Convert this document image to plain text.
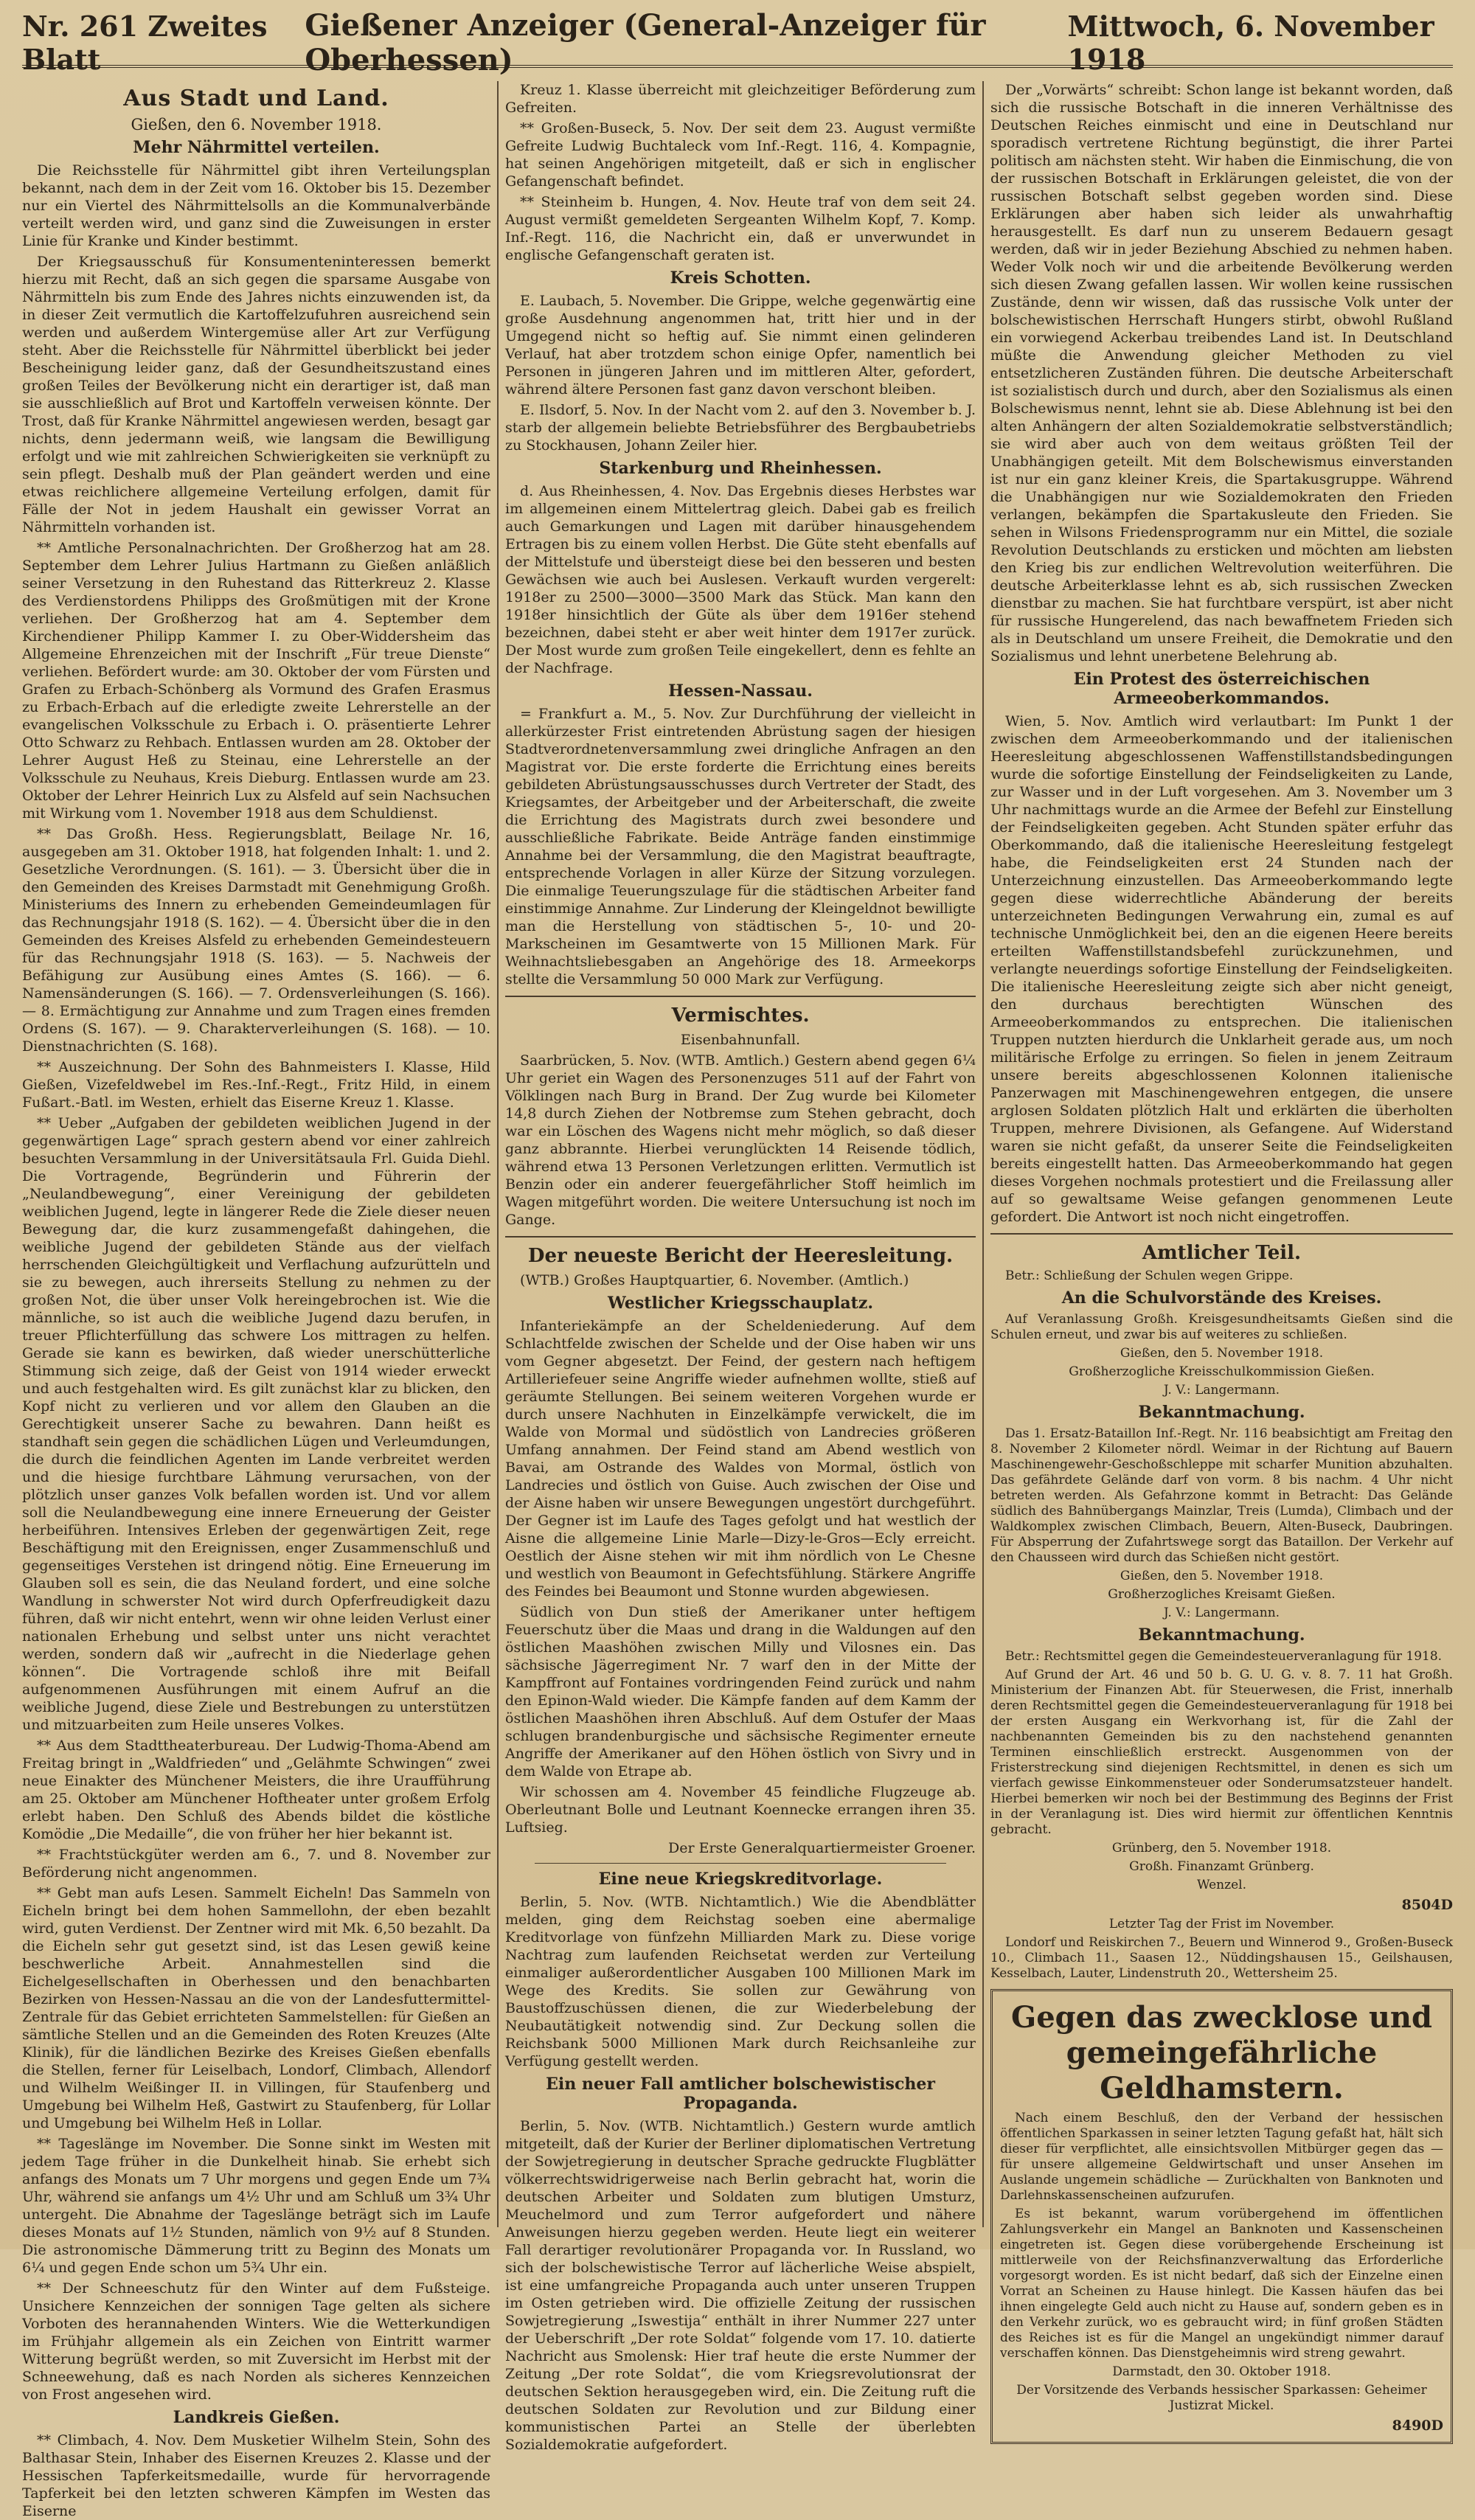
Nr. 261 Zweites Blatt
Gießener Anzeiger (General-Anzeiger für Oberhessen)
Mittwoch, 6. November 1918
Aus Stadt und Land.

Gießen, den 6. November 1918.

Mehr Nährmittel verteilen.

Die Reichsstelle für Nährmittel gibt ihren Verteilungsplan bekannt, nach dem in der Zeit vom 16. Oktober bis 15. Dezember nur ein Viertel des Nährmittelsolls an die Kommunalverbände verteilt werden wird, und ganz sind die Zuweisungen in erster Linie für Kranke und Kinder bestimmt.

Der Kriegsausschuß für Konsumenteninteressen bemerkt hierzu mit Recht, daß an sich gegen die sparsame Ausgabe von Nährmitteln bis zum Ende des Jahres nichts einzuwenden ist, da in dieser Zeit vermutlich die Kartoffelzufuhren ausreichend sein werden und außerdem Wintergemüse aller Art zur Verfügung steht. Aber die Reichsstelle für Nährmittel überblickt bei jeder Bescheinigung leider ganz, daß der Gesundheitszustand eines großen Teiles der Bevölkerung nicht ein derartiger ist, daß man sie ausschließlich auf Brot und Kartoffeln verweisen könnte. Der Trost, daß für Kranke Nährmittel angewiesen werden, besagt gar nichts, denn jedermann weiß, wie langsam die Bewilligung erfolgt und wie mit zahlreichen Schwierigkeiten sie verknüpft zu sein pflegt. Deshalb muß der Plan geändert werden und eine etwas reichlichere allgemeine Verteilung erfolgen, damit für Fälle der Not in jedem Haushalt ein gewisser Vorrat an Nährmitteln vorhanden ist.

** Amtliche Personalnachrichten. Der Großherzog hat am 28. September dem Lehrer Julius Hartmann zu Gießen anläßlich seiner Versetzung in den Ruhestand das Ritterkreuz 2. Klasse des Verdienstordens Philipps des Großmütigen mit der Krone verliehen. Der Großherzog hat am 4. September dem Kirchendiener Philipp Kammer I. zu Ober-Widdersheim das Allgemeine Ehrenzeichen mit der Inschrift „Für treue Dienste“ verliehen. Befördert wurde: am 30. Oktober der vom Fürsten und Grafen zu Erbach-Schönberg als Vormund des Grafen Erasmus zu Erbach-Erbach auf die erledigte zweite Lehrerstelle an der evangelischen Volksschule zu Erbach i. O. präsentierte Lehrer Otto Schwarz zu Rehbach. Entlassen wurden am 28. Oktober der Lehrer August Heß zu Steinau, eine Lehrerstelle an der Volksschule zu Neuhaus, Kreis Dieburg. Entlassen wurde am 23. Oktober der Lehrer Heinrich Lux zu Alsfeld auf sein Nachsuchen mit Wirkung vom 1. November 1918 aus dem Schuldienst.

** Das Großh. Hess. Regierungsblatt, Beilage Nr. 16, ausgegeben am 31. Oktober 1918, hat folgenden Inhalt: 1. und 2. Gesetzliche Verordnungen. (S. 161). — 3. Übersicht über die in den Gemeinden des Kreises Darmstadt mit Genehmigung Großh. Ministeriums des Innern zu erhebenden Gemeindeumlagen für das Rechnungsjahr 1918 (S. 162). — 4. Übersicht über die in den Gemeinden des Kreises Alsfeld zu erhebenden Gemeindesteuern für das Rechnungsjahr 1918 (S. 163). — 5. Nachweis der Befähigung zur Ausübung eines Amtes (S. 166). — 6. Namensänderungen (S. 166). — 7. Ordensverleihungen (S. 166). — 8. Ermächtigung zur Annahme und zum Tragen eines fremden Ordens (S. 167). — 9. Charakterverleihungen (S. 168). — 10. Dienstnachrichten (S. 168).

** Auszeichnung. Der Sohn des Bahnmeisters I. Klasse, Hild Gießen, Vizefeldwebel im Res.-Inf.-Regt., Fritz Hild, in einem Fußart.-Batl. im Westen, erhielt das Eiserne Kreuz 1. Klasse.

** Ueber „Aufgaben der gebildeten weiblichen Jugend in der gegenwärtigen Lage“ sprach gestern abend vor einer zahlreich besuchten Versammlung in der Universitätsaula Frl. Guida Diehl. Die Vortragende, Begründerin und Führerin der „Neulandbewegung“, einer Vereinigung der gebildeten weiblichen Jugend, legte in längerer Rede die Ziele dieser neuen Bewegung dar, die kurz zusammengefaßt dahingehen, die weibliche Jugend der gebildeten Stände aus der vielfach herrschenden Gleichgültigkeit und Verflachung aufzurütteln und sie zu bewegen, auch ihrerseits Stellung zu nehmen zu der großen Not, die über unser Volk hereingebrochen ist. Wie die männliche, so ist auch die weibliche Jugend dazu berufen, in treuer Pflichterfüllung das schwere Los mittragen zu helfen. Gerade sie kann es bewirken, daß wieder unerschütterliche Stimmung sich zeige, daß der Geist von 1914 wieder erweckt und auch festgehalten wird. Es gilt zunächst klar zu blicken, den Kopf nicht zu verlieren und vor allem den Glauben an die Gerechtigkeit unserer Sache zu bewahren. Dann heißt es standhaft sein gegen die schädlichen Lügen und Verleumdungen, die durch die feindlichen Agenten im Lande verbreitet werden und die hiesige furchtbare Lähmung verursachen, von der plötzlich unser ganzes Volk befallen worden ist. Und vor allem soll die Neulandbewegung eine innere Erneuerung der Geister herbeiführen. Intensives Erleben der gegenwärtigen Zeit, rege Beschäftigung mit den Ereignissen, enger Zusammenschluß und gegenseitiges Verstehen ist dringend nötig. Eine Erneuerung im Glauben soll es sein, die das Neuland fordert, und eine solche Wandlung in schwerster Not wird durch Opferfreudigkeit dazu führen, daß wir nicht entehrt, wenn wir ohne leiden Verlust einer nationalen Erhebung und selbst unter uns nicht verachtet werden, sondern daß wir „aufrecht in die Niederlage gehen können“. Die Vortragende schloß ihre mit Beifall aufgenommenen Ausführungen mit einem Aufruf an die weibliche Jugend, diese Ziele und Bestrebungen zu unterstützen und mitzuarbeiten zum Heile unseres Volkes.

** Aus dem Stadttheaterbureau. Der Ludwig-Thoma-Abend am Freitag bringt in „Waldfrieden“ und „Gelähmte Schwingen“ zwei neue Einakter des Münchener Meisters, die ihre Uraufführung am 25. Oktober am Münchener Hoftheater unter großem Erfolg erlebt haben. Den Schluß des Abends bildet die köstliche Komödie „Die Medaille“, die von früher her hier bekannt ist.

** Frachtstückgüter werden am 6., 7. und 8. November zur Beförderung nicht angenommen.

** Gebt man aufs Lesen. Sammelt Eicheln! Das Sammeln von Eicheln bringt bei dem hohen Sammellohn, der eben bezahlt wird, guten Verdienst. Der Zentner wird mit Mk. 6,50 bezahlt. Da die Eicheln sehr gut gesetzt sind, ist das Lesen gewiß keine beschwerliche Arbeit. Annahmestellen sind die Eichelgesellschaften in Oberhessen und den benachbarten Bezirken von Hessen-Nassau an die von der Landesfuttermittel-Zentrale für das Gebiet errichteten Sammelstellen: für Gießen an sämtliche Stellen und an die Gemeinden des Roten Kreuzes (Alte Klinik), für die ländlichen Bezirke des Kreises Gießen ebenfalls die Stellen, ferner für Leiselbach, Londorf, Climbach, Allendorf und Wilhelm Weißinger II. in Villingen, für Staufenberg und Umgebung bei Wilhelm Heß, Gastwirt zu Staufenberg, für Lollar und Umgebung bei Wilhelm Heß in Lollar.

** Tageslänge im November. Die Sonne sinkt im Westen mit jedem Tage früher in die Dunkelheit hinab. Sie erhebt sich anfangs des Monats um 7 Uhr morgens und gegen Ende um 7¾ Uhr, während sie anfangs um 4½ Uhr und am Schluß um 3¾ Uhr untergeht. Die Abnahme der Tageslänge beträgt sich im Laufe dieses Monats auf 1½ Stunden, nämlich von 9½ auf 8 Stunden. Die astronomische Dämmerung tritt zu Beginn des Monats um 6¼ und gegen Ende schon um 5¾ Uhr ein.

** Der Schneeschutz für den Winter auf dem Fußsteige. Unsichere Kennzeichen der sonnigen Tage gelten als sichere Vorboten des herannahenden Winters. Wie die Wetterkundigen im Frühjahr allgemein als ein Zeichen von Eintritt warmer Witterung begrüßt werden, so mit Zuversicht im Herbst mit der Schneewehung, daß es nach Norden als sicheres Kennzeichen von Frost angesehen wird.

Landkreis Gießen.

** Climbach, 4. Nov. Dem Musketier Wilhelm Stein, Sohn des Balthasar Stein, Inhaber des Eisernen Kreuzes 2. Klasse und der Hessischen Tapferkeitsmedaille, wurde für hervorragende Tapferkeit bei den letzten schweren Kämpfen im Westen das Eiserne

Kreuz 1. Klasse überreicht mit gleichzeitiger Beförderung zum Gefreiten.

** Großen-Buseck, 5. Nov. Der seit dem 23. August vermißte Gefreite Ludwig Buchtaleck vom Inf.-Regt. 116, 4. Kompagnie, hat seinen Angehörigen mitgeteilt, daß er sich in englischer Gefangenschaft befindet.

** Steinheim b. Hungen, 4. Nov. Heute traf von dem seit 24. August vermißt gemeldeten Sergeanten Wilhelm Kopf, 7. Komp. Inf.-Regt. 116, die Nachricht ein, daß er unverwundet in englische Gefangenschaft geraten ist.

Kreis Schotten.

E. Laubach, 5. November. Die Grippe, welche gegenwärtig eine große Ausdehnung angenommen hat, tritt hier und in der Umgegend nicht so heftig auf. Sie nimmt einen gelinderen Verlauf, hat aber trotzdem schon einige Opfer, namentlich bei Personen in jüngeren Jahren und im mittleren Alter, gefordert, während ältere Personen fast ganz davon verschont bleiben.

E. Ilsdorf, 5. Nov. In der Nacht vom 2. auf den 3. November b. J. starb der allgemein beliebte Betriebsführer des Bergbaubetriebs zu Stockhausen, Johann Zeiler hier.

Starkenburg und Rheinhessen.

d. Aus Rheinhessen, 4. Nov. Das Ergebnis dieses Herbstes war im allgemeinen einem Mittelertrag gleich. Dabei gab es freilich auch Gemarkungen und Lagen mit darüber hinausgehendem Ertragen bis zu einem vollen Herbst. Die Güte steht ebenfalls auf der Mittelstufe und übersteigt diese bei den besseren und besten Gewächsen wie auch bei Auslesen. Verkauft wurden vergerelt: 1918er zu 2500—3000—3500 Mark das Stück. Man kann den 1918er hinsichtlich der Güte als über dem 1916er stehend bezeichnen, dabei steht er aber weit hinter dem 1917er zurück. Der Most wurde zum großen Teile eingekellert, denn es fehlte an der Nachfrage.

Hessen-Nassau.

= Frankfurt a. M., 5. Nov. Zur Durchführung der vielleicht in allerkürzester Frist eintretenden Abrüstung sagen der hiesigen Stadtverordnetenversammlung zwei dringliche Anfragen an den Magistrat vor. Die erste forderte die Errichtung eines bereits gebildeten Abrüstungsausschusses durch Vertreter der Stadt, des Kriegsamtes, der Arbeitgeber und der Arbeiterschaft, die zweite die Errichtung des Magistrats durch zwei besondere und ausschließliche Fabrikate. Beide Anträge fanden einstimmige Annahme bei der Versammlung, die den Magistrat beauftragte, entsprechende Vorlagen in aller Kürze der Sitzung vorzulegen. Die einmalige Teuerungszulage für die städtischen Arbeiter fand einstimmige Annahme. Zur Linderung der Kleingeldnot bewilligte man die Herstellung von städtischen 5-, 10- und 20-Markscheinen im Gesamtwerte von 15 Millionen Mark. Für Weihnachtsliebesgaben an Angehörige des 18. Armeekorps stellte die Versammlung 50 000 Mark zur Verfügung.

Vermischtes.

Eisenbahnunfall.

Saarbrücken, 5. Nov. (WTB. Amtlich.) Gestern abend gegen 6¼ Uhr geriet ein Wagen des Personenzuges 511 auf der Fahrt von Völklingen nach Burg in Brand. Der Zug wurde bei Kilometer 14,8 durch Ziehen der Notbremse zum Stehen gebracht, doch war ein Löschen des Wagens nicht mehr möglich, so daß dieser ganz abbrannte. Hierbei verunglückten 14 Reisende tödlich, während etwa 13 Personen Verletzungen erlitten. Vermutlich ist Benzin oder ein anderer feuergefährlicher Stoff heimlich im Wagen mitgeführt worden. Die weitere Untersuchung ist noch im Gange.

Der neueste Bericht der Heeresleitung.

(WTB.) Großes Hauptquartier, 6. November. (Amtlich.)

Westlicher Kriegsschauplatz.

Infanteriekämpfe an der Scheldeniederung. Auf dem Schlachtfelde zwischen der Schelde und der Oise haben wir uns vom Gegner abgesetzt. Der Feind, der gestern nach heftigem Artilleriefeuer seine Angriffe wieder aufnehmen wollte, stieß auf geräumte Stellungen. Bei seinem weiteren Vorgehen wurde er durch unsere Nachhuten in Einzelkämpfe verwickelt, die im Walde von Mormal und südöstlich von Landrecies größeren Umfang annahmen. Der Feind stand am Abend westlich von Bavai, am Ostrande des Waldes von Mormal, östlich von Landrecies und östlich von Guise. Auch zwischen der Oise und der Aisne haben wir unsere Bewegungen ungestört durchgeführt. Der Gegner ist im Laufe des Tages gefolgt und hat westlich der Aisne die allgemeine Linie Marle—Dizy-le-Gros—Ecly erreicht. Oestlich der Aisne stehen wir mit ihm nördlich von Le Chesne und westlich von Beaumont in Gefechtsfühlung. Stärkere Angriffe des Feindes bei Beaumont und Stonne wurden abgewiesen.

Südlich von Dun stieß der Amerikaner unter heftigem Feuerschutz über die Maas und drang in die Waldungen auf den östlichen Maashöhen zwischen Milly und Vilosnes ein. Das sächsische Jägerregiment Nr. 7 warf den in der Mitte der Kampffront auf Fontaines vordringenden Feind zurück und nahm den Epinon-Wald wieder. Die Kämpfe fanden auf dem Kamm der östlichen Maashöhen ihren Abschluß. Auf dem Ostufer der Maas schlugen brandenburgische und sächsische Regimenter erneute Angriffe der Amerikaner auf den Höhen östlich von Sivry und in dem Walde von Etrape ab.

Wir schossen am 4. November 45 feindliche Flugzeuge ab. Oberleutnant Bolle und Leutnant Koennecke errangen ihren 35. Luftsieg.

Der Erste Generalquartiermeister Groener.

Eine neue Kriegskreditvorlage.

Berlin, 5. Nov. (WTB. Nichtamtlich.) Wie die Abendblätter melden, ging dem Reichstag soeben eine abermalige Kreditvorlage von fünfzehn Milliarden Mark zu. Diese vorige Nachtrag zum laufenden Reichsetat werden zur Verteilung einmaliger außerordentlicher Ausgaben 100 Millionen Mark im Wege des Kredits. Sie sollen zur Gewährung von Baustoffzuschüssen dienen, die zur Wiederbelebung der Neubautätigkeit notwendig sind. Zur Deckung sollen die Reichsbank 5000 Millionen Mark durch Reichsanleihe zur Verfügung gestellt werden.

Ein neuer Fall amtlicher bolschewistischer Propaganda.

Berlin, 5. Nov. (WTB. Nichtamtlich.) Gestern wurde amtlich mitgeteilt, daß der Kurier der Berliner diplomatischen Vertretung der Sowjetregierung in deutscher Sprache gedruckte Flugblätter völkerrechtswidrigerweise nach Berlin gebracht hat, worin die deutschen Arbeiter und Soldaten zum blutigen Umsturz, Meuchelmord und zum Terror aufgefordert und nähere Anweisungen hierzu gegeben werden. Heute liegt ein weiterer Fall derartiger revolutionärer Propaganda vor. In Russland, wo sich der bolschewistische Terror auf lächerliche Weise abspielt, ist eine umfangreiche Propaganda auch unter unseren Truppen im Osten getrieben wird. Die offizielle Zeitung der russischen Sowjetregierung „Iswestija“ enthält in ihrer Nummer 227 unter der Ueberschrift „Der rote Soldat“ folgende vom 17. 10. datierte Nachricht aus Smolensk: Hier traf heute die erste Nummer der Zeitung „Der rote Soldat“, die vom Kriegsrevolutionsrat der deutschen Sektion herausgegeben wird, ein. Die Zeitung ruft die deutschen Soldaten zur Revolution und zur Bildung einer kommunistischen Partei an Stelle der überlebten Sozialdemokratie aufgefordert.

Der „Vorwärts“ schreibt: Schon lange ist bekannt worden, daß sich die russische Botschaft in die inneren Verhältnisse des Deutschen Reiches einmischt und eine in Deutschland nur sporadisch vertretene Richtung begünstigt, die ihrer Partei politisch am nächsten steht. Wir haben die Einmischung, die von der russischen Botschaft in Erklärungen geleistet, die von der russischen Botschaft selbst gegeben worden sind. Diese Erklärungen aber haben sich leider als unwahrhaftig herausgestellt. Es darf nun zu unserem Bedauern gesagt werden, daß wir in jeder Beziehung Abschied zu nehmen haben. Weder Volk noch wir und die arbeitende Bevölkerung werden sich diesen Zwang gefallen lassen. Wir wollen keine russischen Zustände, denn wir wissen, daß das russische Volk unter der bolschewistischen Herrschaft Hungers stirbt, obwohl Rußland ein vorwiegend Ackerbau treibendes Land ist. In Deutschland müßte die Anwendung gleicher Methoden zu viel entsetzlicheren Zuständen führen. Die deutsche Arbeiterschaft ist sozialistisch durch und durch, aber den Sozialismus als einen Bolschewismus nennt, lehnt sie ab. Diese Ablehnung ist bei den alten Anhängern der alten Sozialdemokratie selbstverständlich; sie wird aber auch von dem weitaus größten Teil der Unabhängigen geteilt. Mit dem Bolschewismus einverstanden ist nur ein ganz kleiner Kreis, die Spartakusgruppe. Während die Unabhängigen nur wie Sozialdemokraten den Frieden verlangen, bekämpfen die Spartakusleute den Frieden. Sie sehen in Wilsons Friedensprogramm nur ein Mittel, die soziale Revolution Deutschlands zu ersticken und möchten am liebsten den Krieg bis zur endlichen Weltrevolution weiterführen. Die deutsche Arbeiterklasse lehnt es ab, sich russischen Zwecken dienstbar zu machen. Sie hat furchtbare verspürt, ist aber nicht für russische Hungerelend, das nach bewaffnetem Frieden sich als in Deutschland um unsere Freiheit, die Demokratie und den Sozialismus und lehnt unerbetene Belehrung ab.

Ein Protest des österreichischen Armeeoberkommandos.

Wien, 5. Nov. Amtlich wird verlautbart: Im Punkt 1 der zwischen dem Armeeoberkommando und der italienischen Heeresleitung abgeschlossenen Waffenstillstandsbedingungen wurde die sofortige Einstellung der Feindseligkeiten zu Lande, zur Wasser und in der Luft vorgesehen. Am 3. November um 3 Uhr nachmittags wurde an die Armee der Befehl zur Einstellung der Feindseligkeiten gegeben. Acht Stunden später erfuhr das Oberkommando, daß die italienische Heeresleitung festgelegt habe, die Feindseligkeiten erst 24 Stunden nach der Unterzeichnung einzustellen. Das Armeeoberkommando legte gegen diese widerrechtliche Abänderung der bereits unterzeichneten Bedingungen Verwahrung ein, zumal es auf technische Unmöglichkeit bei, den an die eigenen Heere bereits erteilten Waffenstillstandsbefehl zurückzunehmen, und verlangte neuerdings sofortige Einstellung der Feindseligkeiten. Die italienische Heeresleitung zeigte sich aber nicht geneigt, den durchaus berechtigten Wünschen des Armeeoberkommandos zu entsprechen. Die italienischen Truppen nutzten hierdurch die Unklarheit gerade aus, um noch militärische Erfolge zu erringen. So fielen in jenem Zeitraum unsere bereits abgeschlossenen Kolonnen italienische Panzerwagen mit Maschinengewehren entgegen, die unsere arglosen Soldaten plötzlich Halt und erklärten die überholten Truppen, mehrere Divisionen, als Gefangene. Auf Widerstand waren sie nicht gefaßt, da unserer Seite die Feindseligkeiten bereits eingestellt hatten. Das Armeeoberkommando hat gegen dieses Vorgehen nochmals protestiert und die Freilassung aller auf so gewaltsame Weise gefangen genommenen Leute gefordert. Die Antwort ist noch nicht eingetroffen.

Amtlicher Teil.

Betr.: Schließung der Schulen wegen Grippe.

An die Schulvorstände des Kreises.

Auf Veranlassung Großh. Kreisgesundheitsamts Gießen sind die Schulen erneut, und zwar bis auf weiteres zu schließen.

Gießen, den 5. November 1918.

Großherzogliche Kreisschulkommission Gießen.

J. V.: Langermann.

Bekanntmachung.

Das 1. Ersatz-Bataillon Inf.-Regt. Nr. 116 beabsichtigt am Freitag den 8. November 2 Kilometer nördl. Weimar in der Richtung auf Bauern Maschinengewehr-Geschoßschleppe mit scharfer Munition abzuhalten. Das gefährdete Gelände darf von vorm. 8 bis nachm. 4 Uhr nicht betreten werden. Als Gefahrzone kommt in Betracht: Das Gelände südlich des Bahnübergangs Mainzlar, Treis (Lumda), Climbach und der Waldkomplex zwischen Climbach, Beuern, Alten-Buseck, Daubringen. Für Absperrung der Zufahrtswege sorgt das Bataillon. Der Verkehr auf den Chausseen wird durch das Schießen nicht gestört.

Gießen, den 5. November 1918.

Großherzogliches Kreisamt Gießen.

J. V.: Langermann.

Bekanntmachung.

Betr.: Rechtsmittel gegen die Gemeindesteuerveranlagung für 1918.

Auf Grund der Art. 46 und 50 b. G. U. G. v. 8. 7. 11 hat Großh. Ministerium der Finanzen Abt. für Steuerwesen, die Frist, innerhalb deren Rechtsmittel gegen die Gemeindesteuerveranlagung für 1918 bei der ersten Ausgang ein Werkvorhang ist, für die Zahl der nachbenannten Gemeinden bis zu den nachstehend genannten Terminen einschließlich erstreckt. Ausgenommen von der Fristerstreckung sind diejenigen Rechtsmittel, in denen es sich um vierfach gewisse Einkommensteuer oder Sonderumsatzsteuer handelt. Hierbei bemerken wir noch bei der Bestimmung des Beginns der Frist in der Veranlagung ist. Dies wird hiermit zur öffentlichen Kenntnis gebracht.

Grünberg, den 5. November 1918.

Großh. Finanzamt Grünberg.

Wenzel.

8504D

Letzter Tag der Frist im November.

Londorf und Reiskirchen 7., Beuern und Winnerod 9., Großen-Buseck 10., Climbach 11., Saasen 12., Nüddingshausen 15., Geilshausen, Kesselbach, Lauter, Lindenstruth 20., Wettersheim 25.

Gegen das zwecklose und gemeingefährliche Geldhamstern.

Nach einem Beschluß, den der Verband der hessischen öffentlichen Sparkassen in seiner letzten Tagung gefaßt hat, hält sich dieser für verpflichtet, alle einsichtsvollen Mitbürger gegen das — für unsere allgemeine Geldwirtschaft und unser Ansehen im Auslande ungemein schädliche — Zurückhalten von Banknoten und Darlehnskassenscheinen aufzurufen.

Es ist bekannt, warum vorübergehend im öffentlichen Zahlungsverkehr ein Mangel an Banknoten und Kassenscheinen eingetreten ist. Gegen diese vorübergehende Erscheinung ist mittlerweile von der Reichsfinanzverwaltung das Erforderliche vorgesorgt worden. Es ist nicht bedarf, daß sich der Einzelne einen Vorrat an Scheinen zu Hause hinlegt. Die Kassen häufen das bei ihnen eingelegte Geld auch nicht zu Hause auf, sondern geben es in den Verkehr zurück, wo es gebraucht wird; in fünf großen Städten des Reiches ist es für die Mangel an ungekündigt nimmer darauf verschaffen können. Das Dienstgeheimnis wird streng gewahrt.

Darmstadt, den 30. Oktober 1918.

Der Vorsitzende des Verbands hessischer Sparkassen: Geheimer Justizrat Mickel.

8490D
